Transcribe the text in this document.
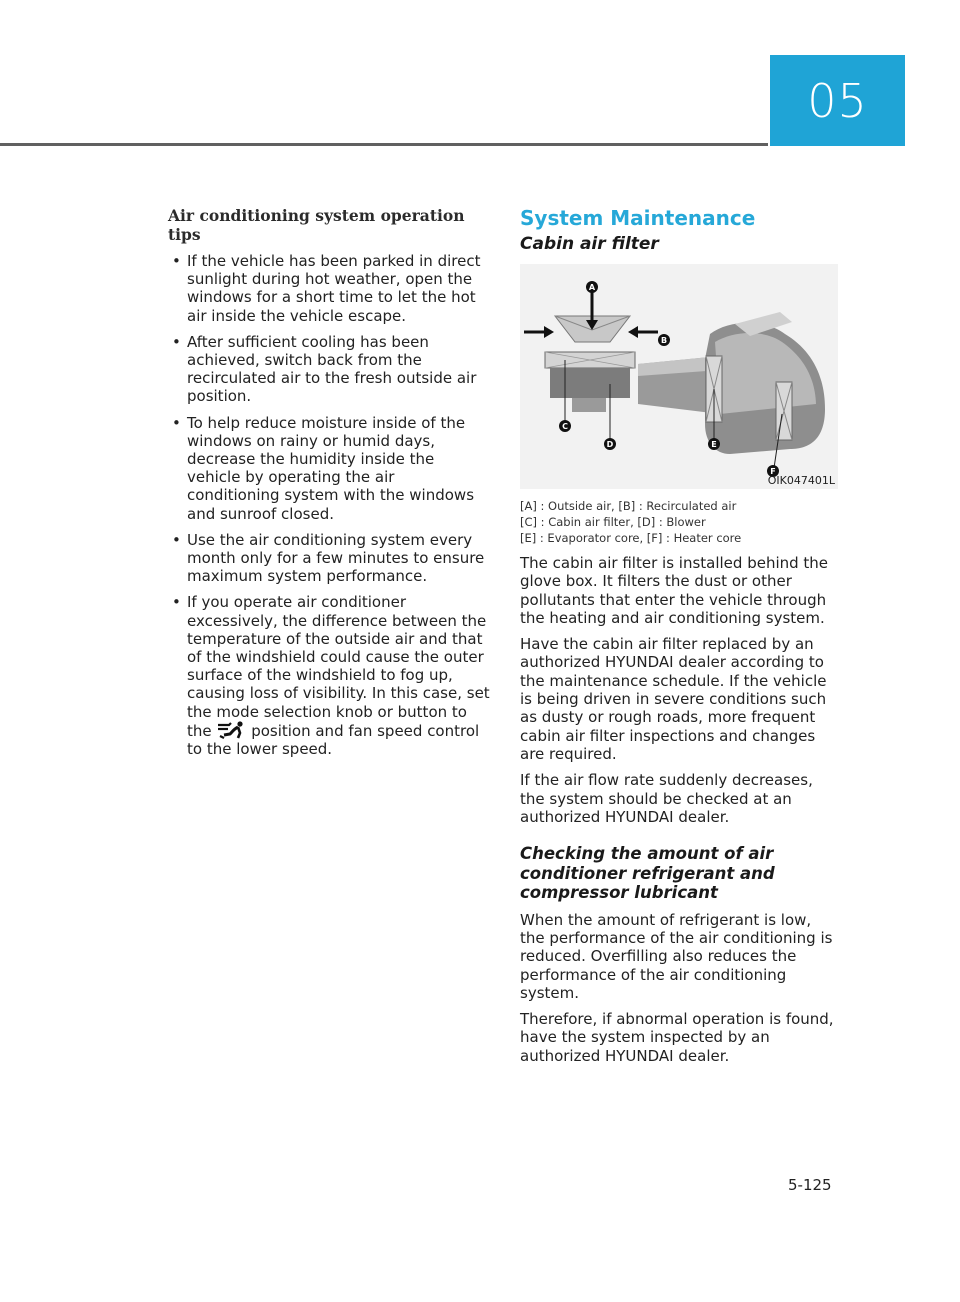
05
Air conditioning system operation tips
• If the vehicle has been parked in direct sunlight during hot weather, open the windows for a short time to let the hot air inside the vehicle escape.
• After sufficient cooling has been achieved, switch back from the recirculated air to the fresh outside air position.
• To help reduce moisture inside of the windows on rainy or humid days, decrease the humidity inside the vehicle by operating the air conditioning system with the windows and sunroof closed.
• Use the air conditioning system every month only for a few minutes to ensure maximum system performance.
• If you operate air conditioner excessively, the difference between the temperature of the outside air and that of the windshield could cause the outer surface of the windshield to fog up, causing loss of visibility. In this case, set the mode selection knob or button to the	position and fan speed control to the lower speed.
System Maintenance
Cabin air filter
A
B
C
D	E
F
OIK047401L
[A] : Outside air, [B] : Recirculated air
[C] : Cabin air filter, [D] : Blower
[E] : Evaporator core, [F] : Heater core

The cabin air filter is installed behind the glove box. It filters the dust or other pollutants that enter the vehicle through the heating and air conditioning system.

Have the cabin air filter replaced by an authorized HYUNDAI dealer according to the maintenance schedule. If the vehicle is being driven in severe conditions such as dusty or rough roads, more frequent cabin air filter inspections and changes are required.

If the air flow rate suddenly decreases, the system should be checked at an authorized HYUNDAI dealer.

Checking the amount of air conditioner refrigerant and compressor lubricant

When the amount of refrigerant is low, the performance of the air conditioning is reduced. Overfilling also reduces the performance of the air conditioning system.

Therefore, if abnormal operation is found, have the system inspected by an authorized HYUNDAI dealer.

5-125
